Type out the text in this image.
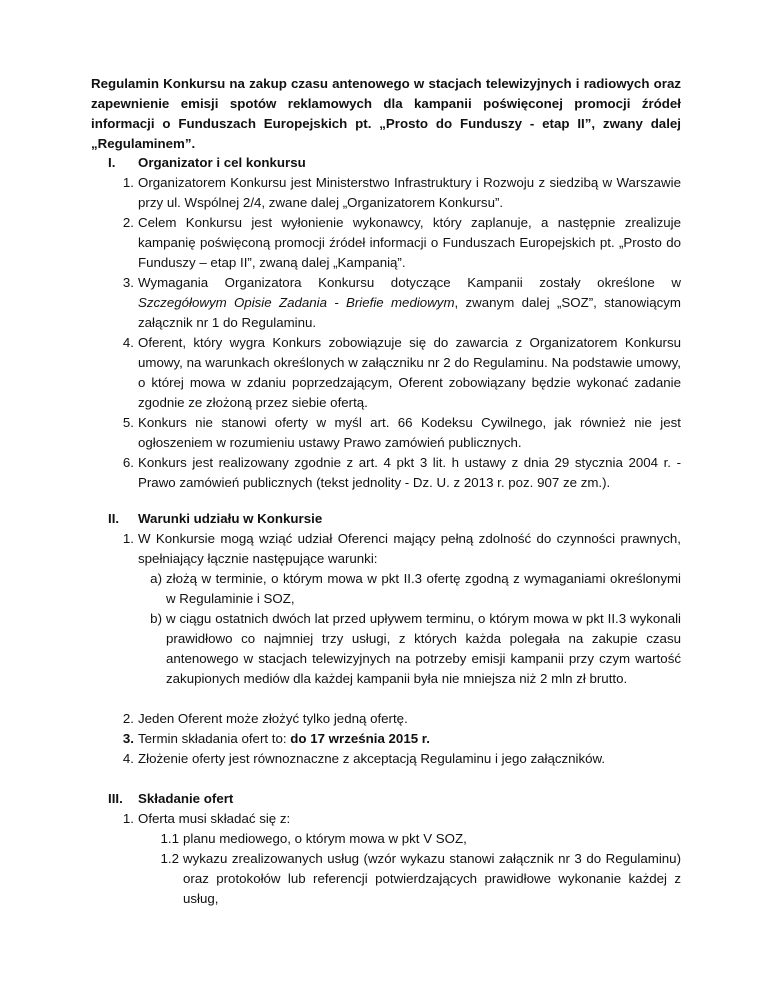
Regulamin Konkursu na zakup czasu antenowego w stacjach telewizyjnych i radiowych oraz zapewnienie emisji spotów reklamowych dla kampanii poświęconej promocji źródeł informacji o Funduszach Europejskich pt. „Prosto do Funduszy - etap II”, zwany dalej „Regulaminem”.
I. Organizator i cel konkursu
1. Organizatorem Konkursu jest Ministerstwo Infrastruktury i Rozwoju z siedzibą w Warszawie przy ul. Wspólnej 2/4, zwane dalej „Organizatorem Konkursu”.
2. Celem Konkursu jest wyłonienie wykonawcy, który zaplanuje, a następnie zrealizuje kampanię poświęconą promocji źródeł informacji o Funduszach Europejskich pt. „Prosto do Funduszy – etap II”, zwaną dalej „Kampanią”.
3. Wymagania Organizatora Konkursu dotyczące Kampanii zostały określone w Szczegółowym Opisie Zadania - Briefie mediowym, zwanym dalej „SOZ”, stanowiącym załącznik nr 1 do Regulaminu.
4. Oferent, który wygra Konkurs zobowiązuje się do zawarcia z Organizatorem Konkursu umowy, na warunkach określonych w załączniku nr 2 do Regulaminu. Na podstawie umowy, o której mowa w zdaniu poprzedzającym, Oferent zobowiązany będzie wykonać zadanie zgodnie ze złożoną przez siebie ofertą.
5. Konkurs nie stanowi oferty w myśl art. 66 Kodeksu Cywilnego, jak również nie jest ogłoszeniem w rozumieniu ustawy Prawo zamówień publicznych.
6. Konkurs jest realizowany zgodnie z art. 4 pkt 3 lit. h ustawy z dnia 29 stycznia 2004 r. - Prawo zamówień publicznych (tekst jednolity - Dz. U. z 2013 r. poz. 907 ze zm.).
II. Warunki udziału w Konkursie
1. W Konkursie mogą wziąć udział Oferenci mający pełną zdolność do czynności prawnych, spełniający łącznie następujące warunki:
a) złożą w terminie, o którym mowa w pkt II.3 ofertę zgodną z wymaganiami określonymi w Regulaminie i SOZ,
b) w ciągu ostatnich dwóch lat przed upływem terminu, o którym mowa w pkt II.3 wykonali prawidłowo co najmniej trzy usługi, z których każda polegała na zakupie czasu antenowego w stacjach telewizyjnych na potrzeby emisji kampanii przy czym wartość zakupionych mediów dla każdej kampanii była nie mniejsza niż 2 mln zł brutto.
2. Jeden Oferent może złożyć tylko jedną ofertę.
3. Termin składania ofert to: do 17 września 2015 r.
4. Złożenie oferty jest równoznaczne z akceptacją Regulaminu i jego załączników.
III. Składanie ofert
1. Oferta musi składać się z:
1.1 planu mediowego, o którym mowa w pkt V SOZ,
1.2 wykazu zrealizowanych usług (wzór wykazu stanowi załącznik nr 3 do Regulaminu) oraz protokołów lub referencji potwierdzających prawidłowe wykonanie każdej z usług,
